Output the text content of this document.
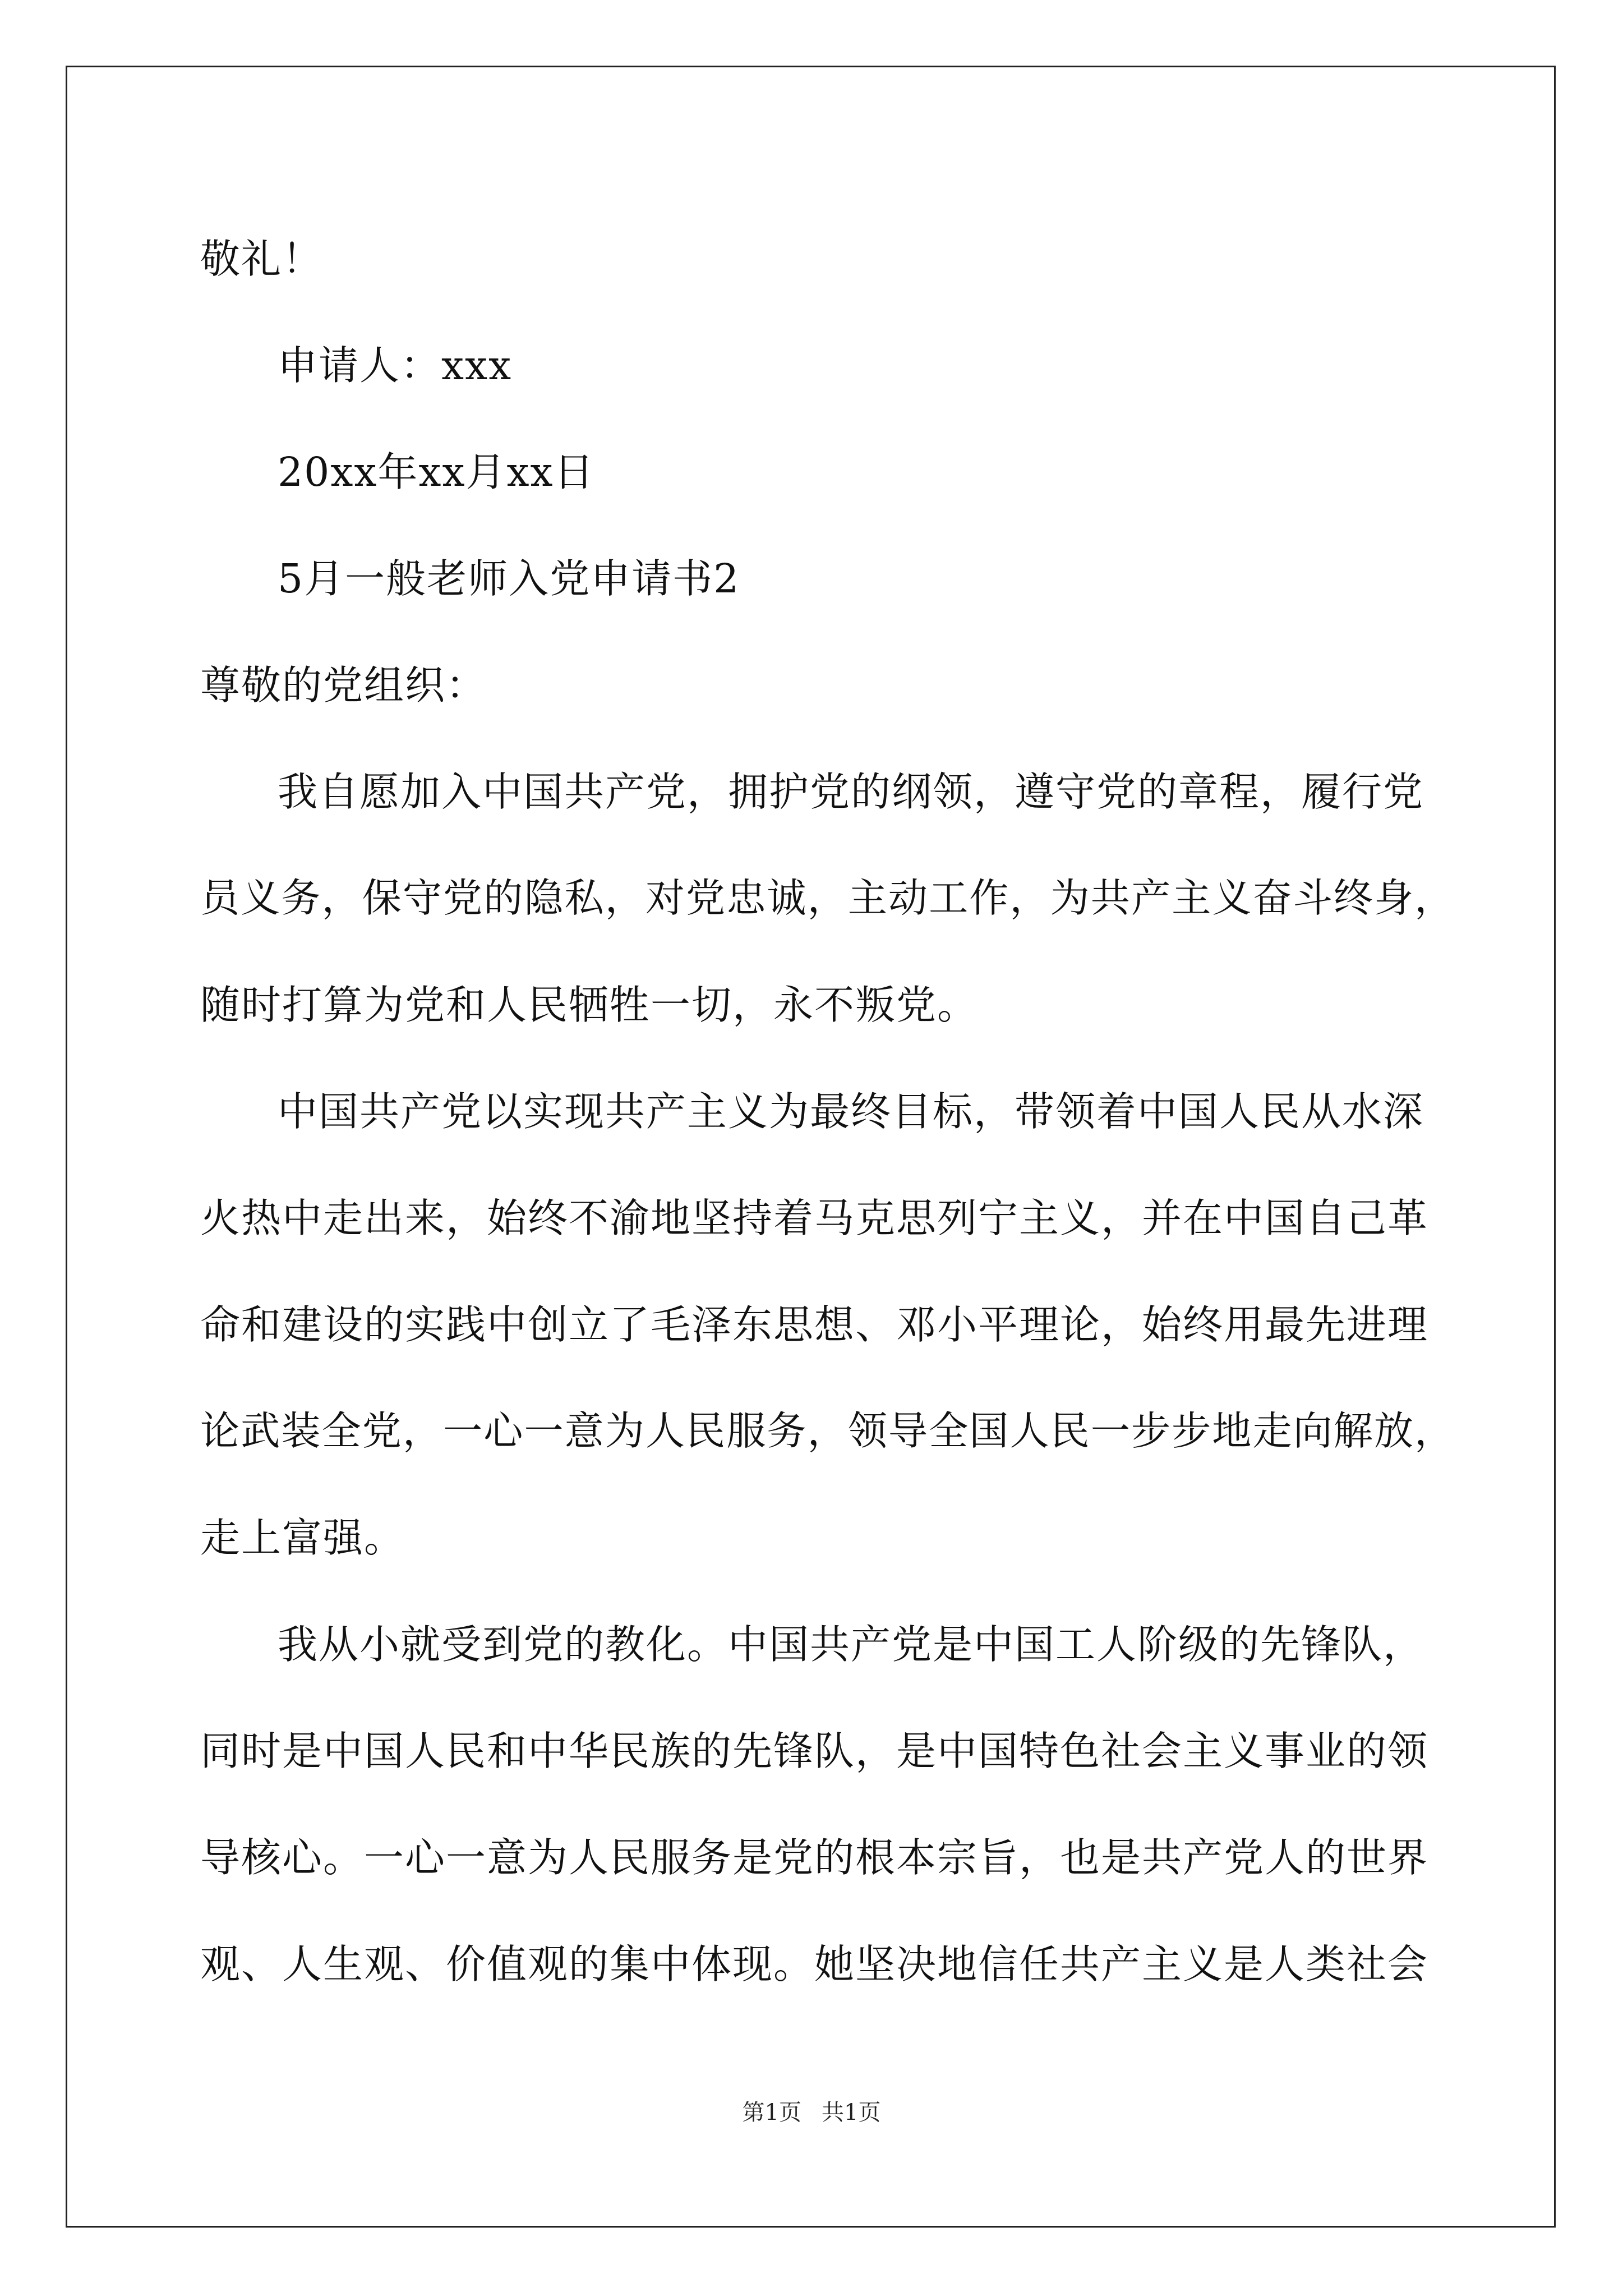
敬礼！
申请人：xxx
20xx年xx月xx日
5月一般老师入党申请书2
尊敬的党组织：
我自愿加入中国共产党，拥护党的纲领，遵守党的章程，履行党
员义务，保守党的隐私，对党忠诚，主动工作，为共产主义奋斗终身，
随时打算为党和人民牺牲一切，永不叛党。
中国共产党以实现共产主义为最终目标，带领着中国人民从水深
火热中走出来，始终不渝地坚持着马克思列宁主义，并在中国自己革
命和建设的实践中创立了毛泽东思想、邓小平理论，始终用最先进理
论武装全党，一心一意为人民服务，领导全国人民一步步地走向解放，
走上富强。
我从小就受到党的教化。中国共产党是中国工人阶级的先锋队，
同时是中国人民和中华民族的先锋队，是中国特色社会主义事业的领
导核心。一心一意为人民服务是党的根本宗旨，也是共产党人的世界
观、人生观、价值观的集中体现。她坚决地信任共产主义是人类社会
第1页 共1页
